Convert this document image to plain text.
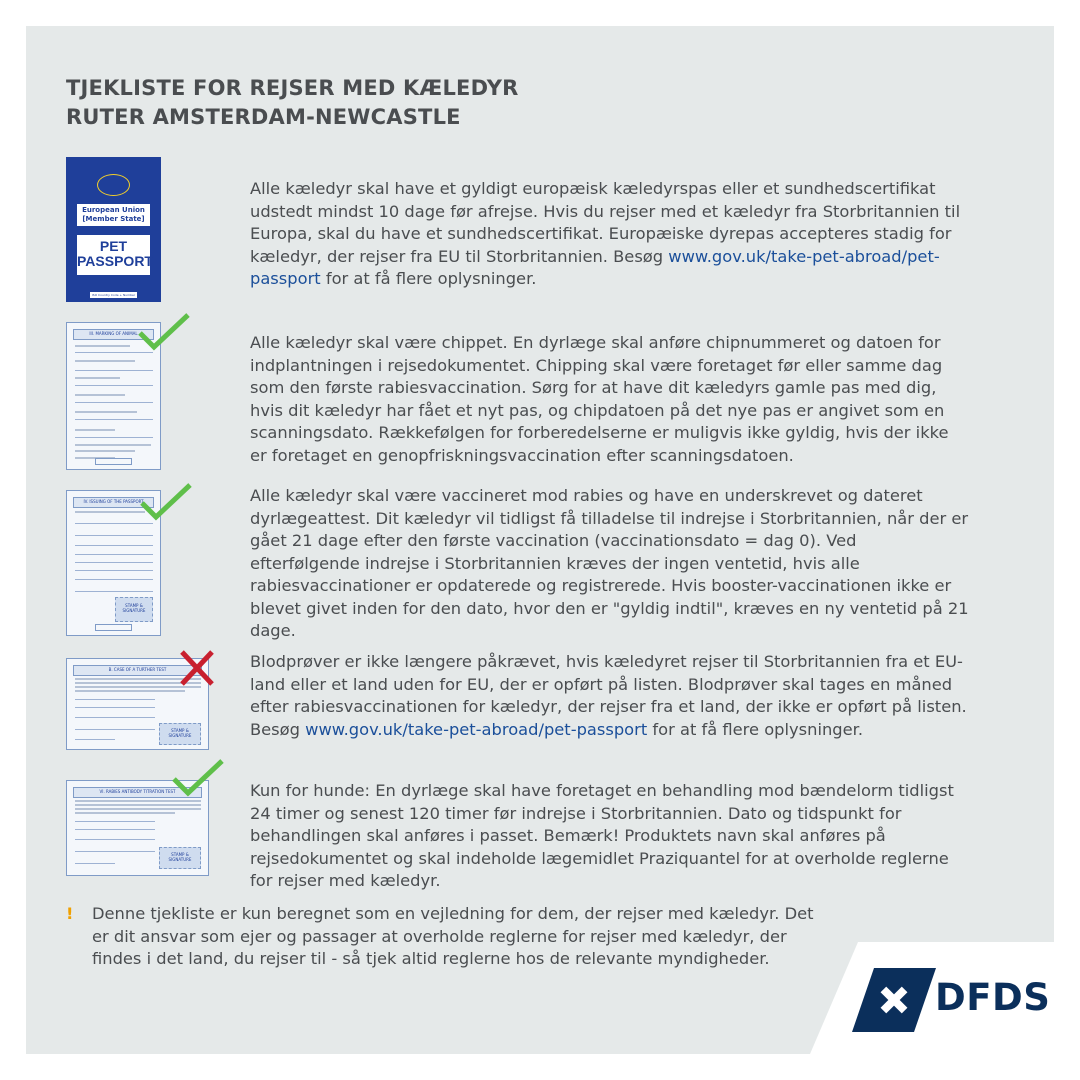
TJEKLISTE FOR REJSER MED KÆLEDYR
RUTER AMSTERDAM-NEWCASTLE
European Union
[Member State]
PET
PASSPORT
ISO Country Code + Number
Alle kæledyr skal have et gyldigt europæisk kæledyrspas eller et sundhedscertifikat udstedt mindst 10 dage før afrejse. Hvis du rejser med et kæledyr fra Storbritannien til Europa, skal du have et sundhedscertifikat. Europæiske dyrepas accepteres stadig for kæledyr, der rejser fra EU til Storbritannien. Besøg www.gov.uk/take-pet-abroad/pet-passport for at få flere oplysninger.
III. MARKING OF ANIMAL	Alle kæledyr skal være chippet. En dyrlæge skal anføre chipnummeret og datoen for indplantningen i rejsedokumentet. Chipping skal være foretaget før eller samme dag som den første rabiesvaccination. Sørg for at have dit kæledyrs gamle pas med dig, hvis dit kæledyr har fået et nyt pas, og chipdatoen på det nye pas er angivet som en scanningsdato. Rækkefølgen for forberedelserne er muligvis ikke gyldig, hvis der ikke er foretaget en genopfriskningsvaccination efter scanningsdatoen.
IV. ISSUING OF THE PASSPORT
STAMP & SIGNATURE
Alle kæledyr skal være vaccineret mod rabies og have en underskrevet og dateret dyrlægeattest. Dit kæledyr vil tidligst få tilladelse til indrejse i Storbritannien, når der er gået 21 dage efter den første vaccination (vaccinationsdato = dag 0). Ved efterfølgende indrejse i Storbritannien kræves der ingen ventetid, hvis alle rabiesvaccinationer er opdaterede og registrerede. Hvis booster-vaccinationen ikke er blevet givet inden for den dato, hvor den er "gyldig indtil", kræves en ny ventetid på 21 dage.
B. CASE OF A TURTHER TEST
STAMP & SIGNATURE
Blodprøver er ikke længere påkrævet, hvis kæledyret rejser til Storbritannien fra et EU-land eller et land uden for EU, der er opført på listen. Blodprøver skal tages en måned efter rabiesvaccinationen for kæledyr, der rejser fra et land, der ikke er opført på listen. Besøg www.gov.uk/take-pet-abroad/pet-passport for at få flere oplysninger.
VI. RABIES ANTIBODY TITRATION TEST
STAMP & SIGNATURE
Kun for hunde: En dyrlæge skal have foretaget en behandling mod bændelorm tidligst 24 timer og senest 120 timer før indrejse i Storbritannien. Dato og tidspunkt for behandlingen skal anføres i passet. Bemærk! Produktets navn skal anføres på rejsedokumentet og skal indeholde lægemidlet Praziquantel for at overholde reglerne for rejser med kæledyr.
! Denne tjekliste er kun beregnet som en vejledning for dem, der rejser med kæledyr. Det er dit ansvar som ejer og passager at overholde reglerne for rejser med kæledyr, der findes i det land, du rejser til - så tjek altid reglerne hos de relevante myndigheder.
DFDS
